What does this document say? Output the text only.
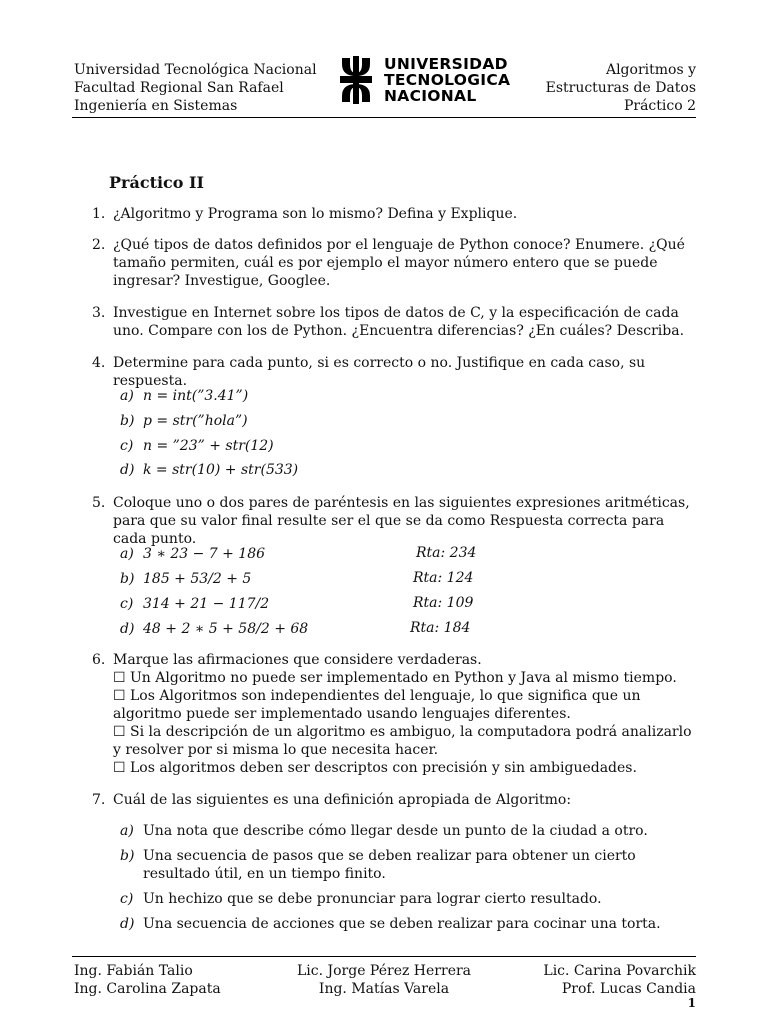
Universidad Tecnológica Nacional
Facultad Regional San Rafael
Ingeniería en Sistemas
UNIVERSIDAD
TECNOLOGICA
NACIONAL
Algoritmos y
Estructuras de Datos
Práctico 2
Práctico II
1. ¿Algoritmo y Programa son lo mismo? Defina y Explique.
2. ¿Qué tipos de datos definidos por el lenguaje de Python conoce? Enumere. ¿Qué tamaño permiten, cuál es por ejemplo el mayor número entero que se puede ingresar? Investigue, Googlee.
3. Investigue en Internet sobre los tipos de datos de C, y la especificación de cada uno. Compare con los de Python. ¿Encuentra diferencias? ¿En cuáles? Describa.
4. Determine para cada punto, si es correcto o no. Justifique en cada caso, su respuesta.
a) n = int(”3.41”)
b) p = str(”hola”)
c) n = ”23” + str(12)
d) k = str(10) + str(533)
5. Coloque uno o dos pares de paréntesis en las siguientes expresiones aritméticas, para que su valor final resulte ser el que se da como Respuesta correcta para cada punto.
a) 3 ∗ 23 − 7 + 186	Rta: 234
b) 185 + 53/2 + 5	Rta: 124
c) 314 + 21 − 117/2	Rta: 109
d) 48 + 2 ∗ 5 + 58/2 + 68	Rta: 184
6. Marque las afirmaciones que considere verdaderas.
☐ Un Algoritmo no puede ser implementado en Python y Java al mismo tiempo.
☐ Los Algoritmos son independientes del lenguaje, lo que significa que un algoritmo puede ser implementado usando lenguajes diferentes.
☐ Si la descripción de un algoritmo es ambiguo, la computadora podrá analizarlo y resolver por si misma lo que necesita hacer.
☐ Los algoritmos deben ser descriptos con precisión y sin ambiguedades.
7. Cuál de las siguientes es una definición apropiada de Algoritmo:
a) Una nota que describe cómo llegar desde un punto de la ciudad a otro.
b) Una secuencia de pasos que se deben realizar para obtener un cierto resultado útil, en un tiempo finito.
c) Un hechizo que se debe pronunciar para lograr cierto resultado.
d) Una secuencia de acciones que se deben realizar para cocinar una torta.
Ing. Fabián Talio
Ing. Carolina Zapata
Lic. Jorge Pérez Herrera
Ing. Matías Varela
Lic. Carina Povarchik
Prof. Lucas Candia
1
